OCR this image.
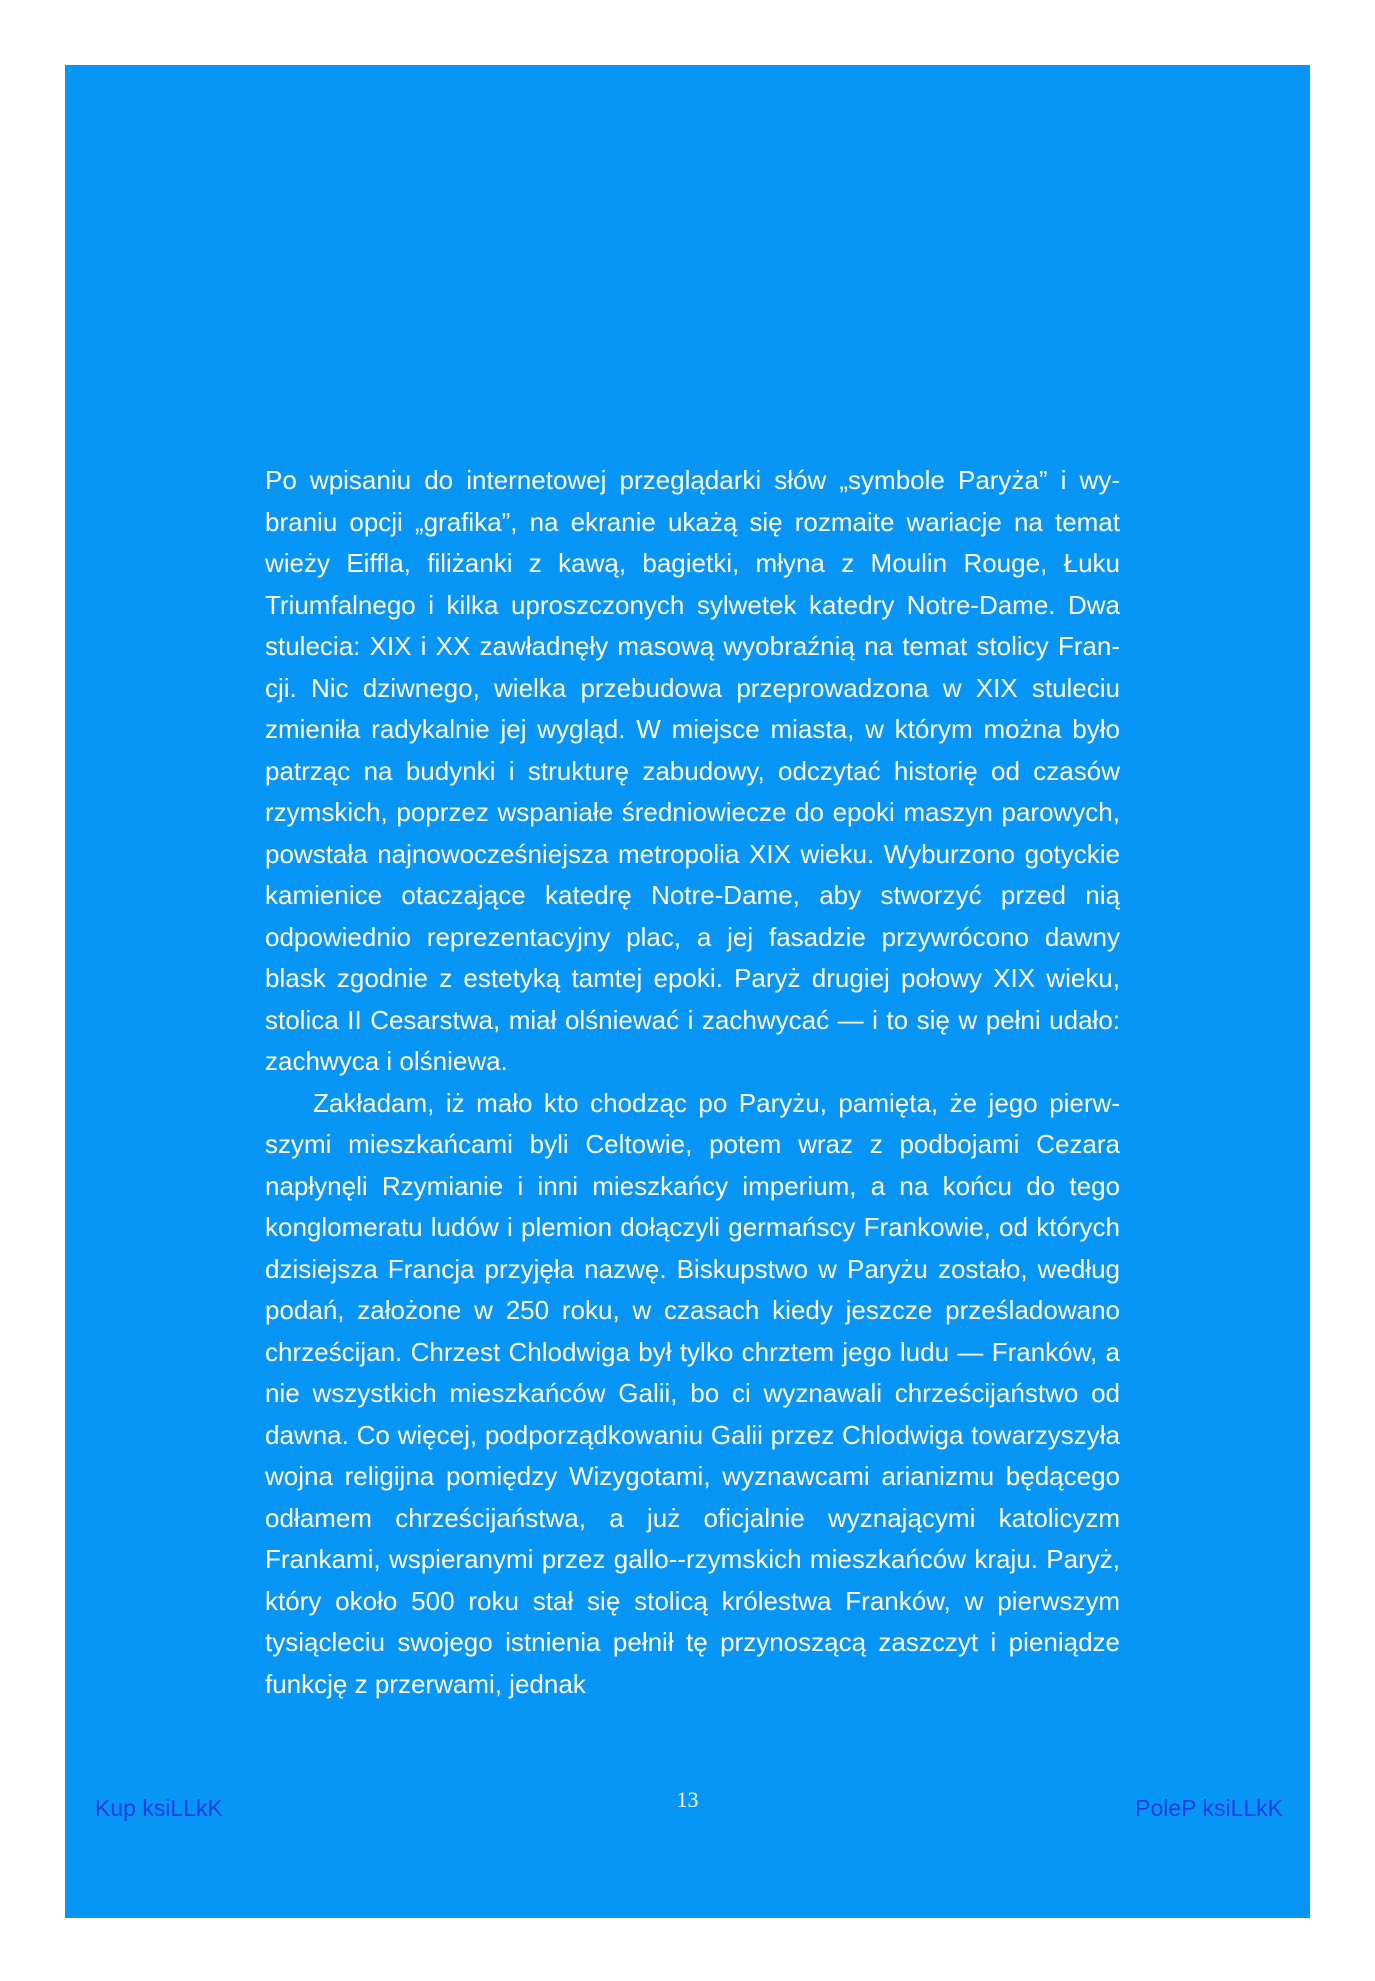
Po wpisaniu do internetowej przeglądarki słów „symbole Paryża” i wybraniu opcji „grafika”, na ekranie ukażą się rozmaite wariacje na temat wieży Eiffla, filiżanki z kawą, bagietki, młyna z Moulin Rouge, Łuku Triumfalnego i kilka uproszczonych sylwetek katedry Notre-Dame. Dwa stulecia: XIX i XX zawładnęły masową wyobraźnią na temat stolicy Francji. Nic dziwnego, wielka przebudowa przeprowadzona w XIX stuleciu zmieniła radykalnie jej wygląd. W miejsce miasta, w którym można było patrząc na budynki i strukturę zabudowy, odczytać historię od czasów rzymskich, poprzez wspaniałe średniowiecze do epoki maszyn parowych, powstała najnowocześniejsza metropolia XIX wieku. Wyburzono gotyckie kamienice otaczające katedrę Notre-Dame, aby stworzyć przed nią odpowiednio reprezentacyjny plac, a jej fasadzie przywrócono dawny blask zgodnie z estetyką tamtej epoki. Paryż drugiej połowy XIX wieku, stolica II Cesarstwa, miał olśniewać i zachwycać — i to się w pełni udało: zachwyca i olśniewa.

Zakładam, iż mało kto chodząc po Paryżu, pamięta, że jego pierwszymi mieszkańcami byli Celtowie, potem wraz z podbojami Cezara napłynęli Rzymianie i inni mieszkańcy imperium, a na końcu do tego konglomeratu ludów i plemion dołączyli germańscy Frankowie, od których dzisiejsza Francja przyjęła nazwę. Biskupstwo w Paryżu zostało, według podań, założone w 250 roku, w czasach kiedy jeszcze prześladowano chrześcijan. Chrzest Chlodwiga był tylko chrztem jego ludu — Franków, a nie wszystkich mieszkańców Galii, bo ci wyznawali chrześcijaństwo od dawna. Co więcej, podporządkowaniu Galii przez Chlodwiga towarzyszyła wojna religijna pomiędzy Wizygotami, wyznawcami arianizmu będącego odłamem chrześcijaństwa, a już oficjalnie wyznającymi katolicyzm Frankami, wspieranymi przez gallo--rzymskich mieszkańców kraju. Paryż, który około 500 roku stał się stolicą królestwa Franków, w pierwszym tysiącleciu swojego istnienia pełnił tę przynoszącą zaszczyt i pieniądze funkcję z przerwami, jednak

13
Kup ksiLLkK	PoleP ksiLLkK
